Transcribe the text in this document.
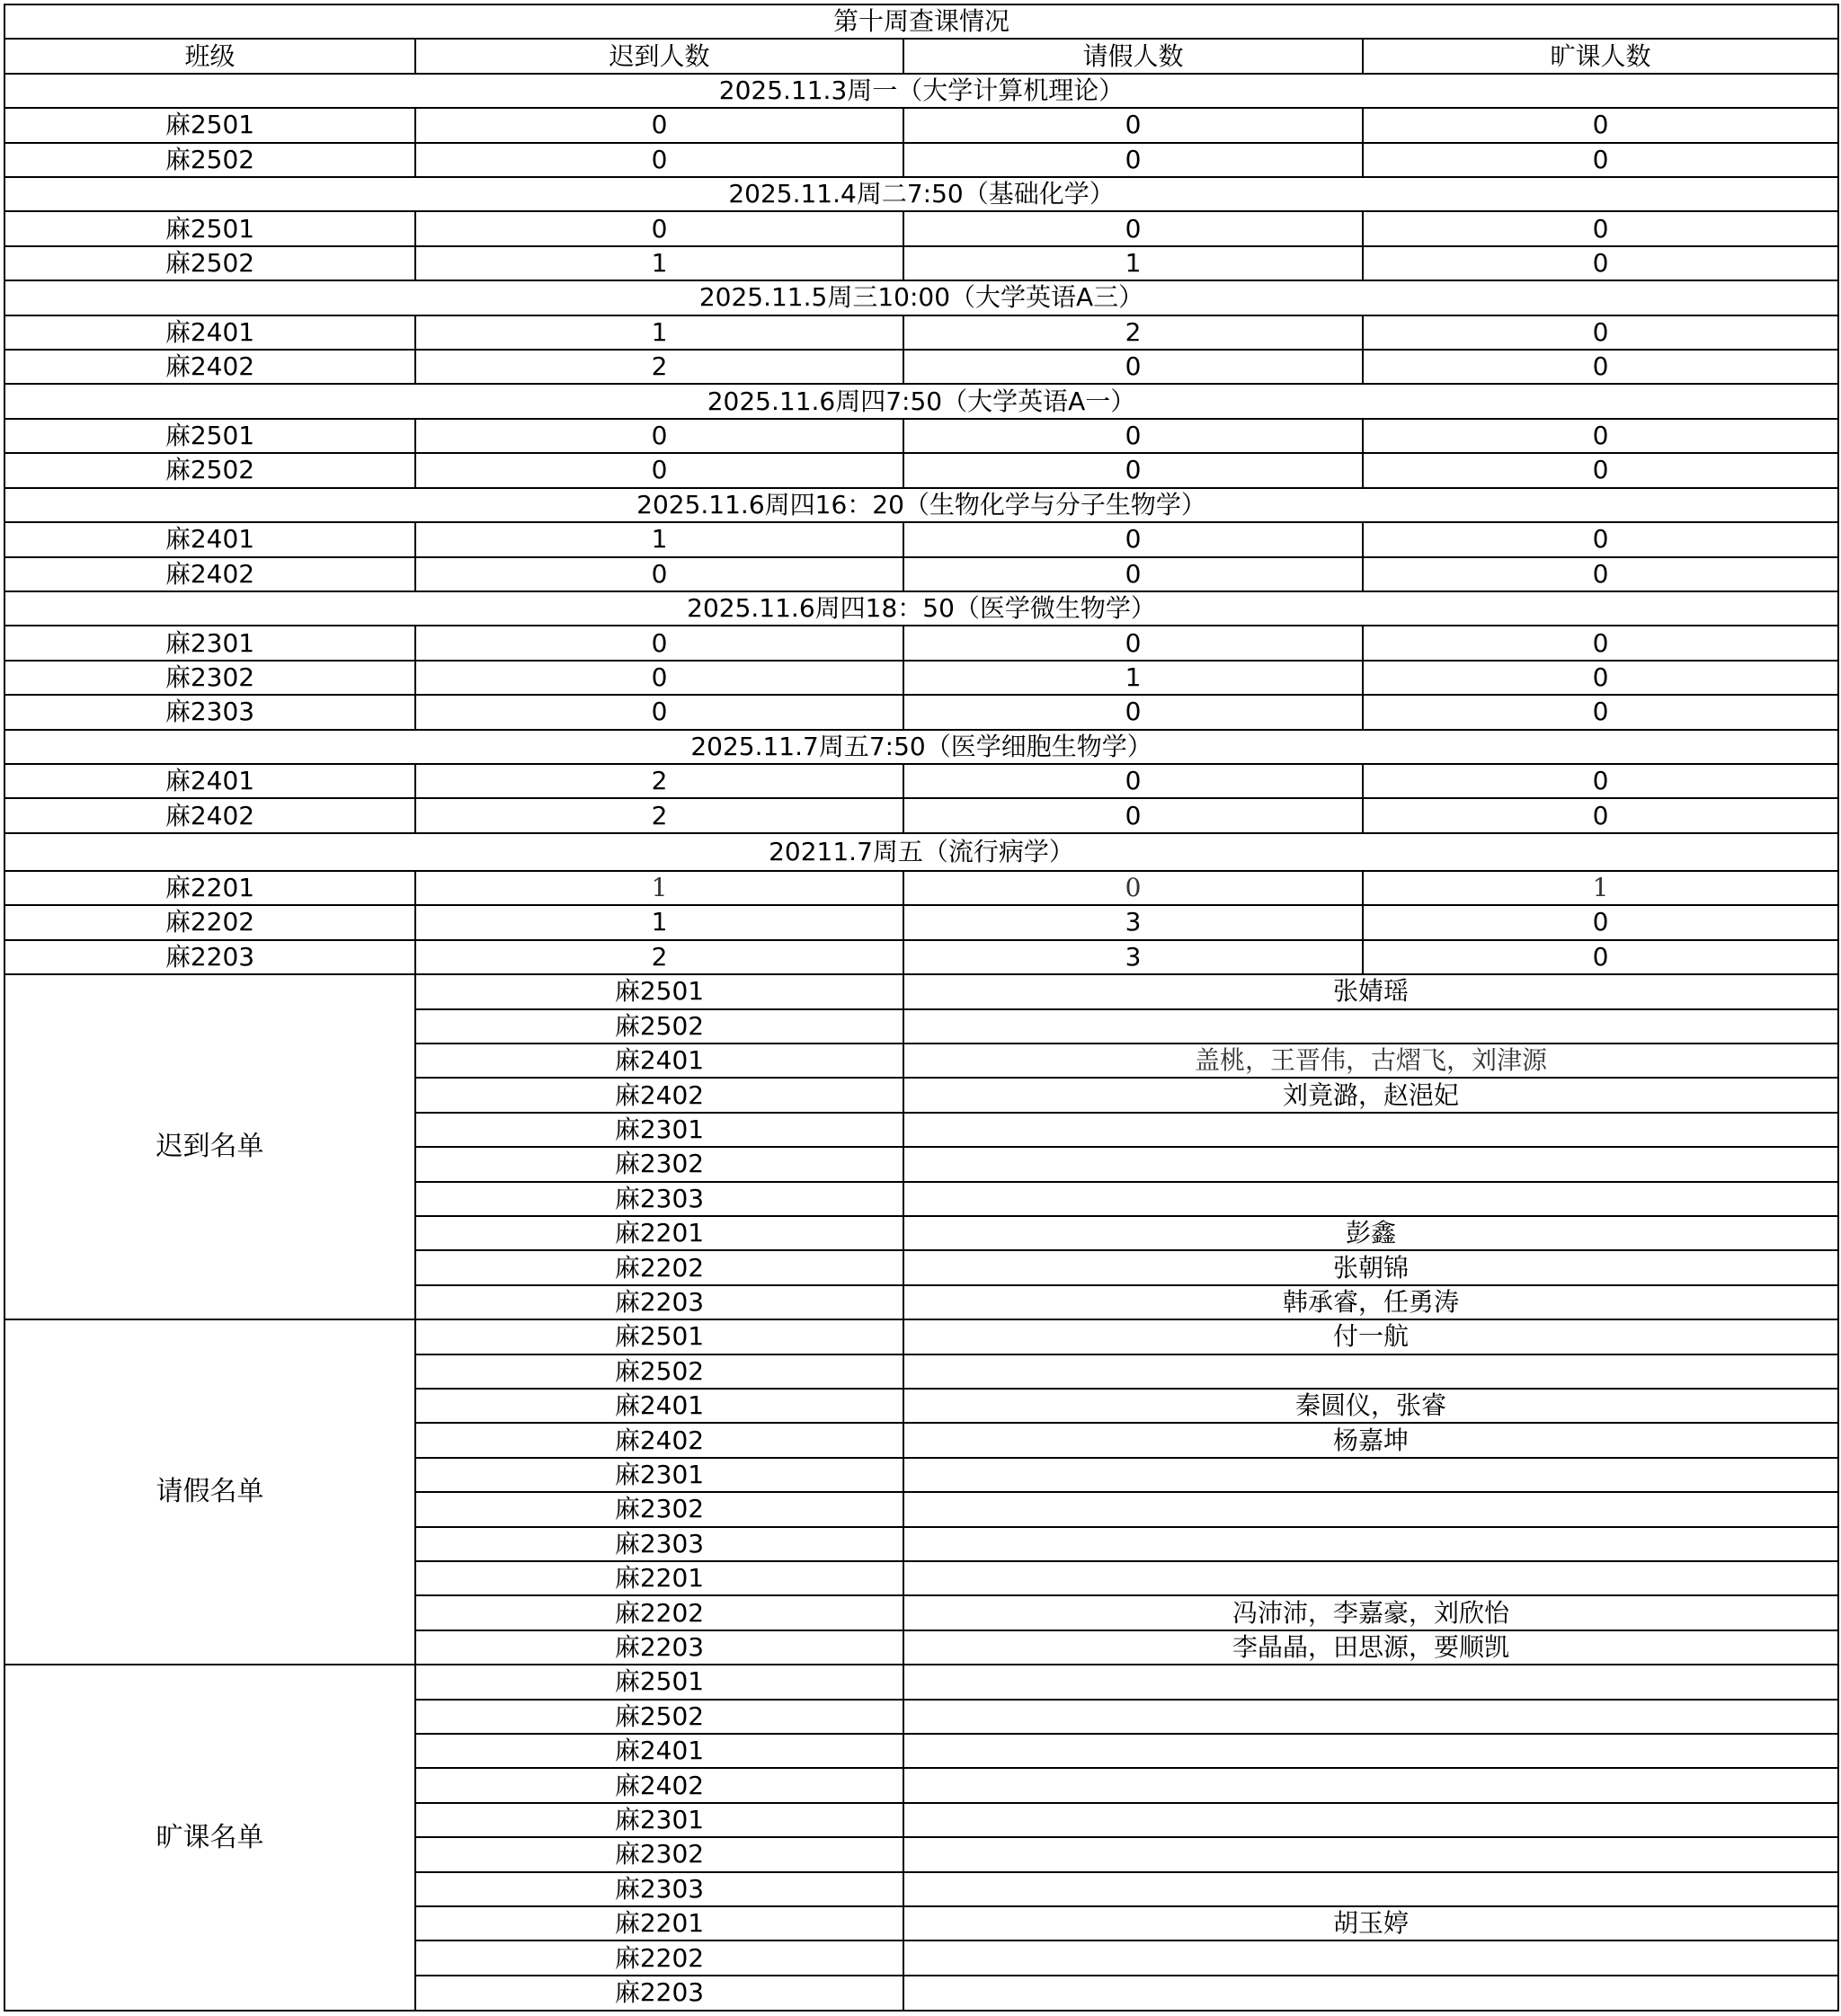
第十周查课情况			
班级	迟到人数	请假人数	旷课人数
2025.11.3周一（大学计算机理论）			
麻2501	0	0	0
麻2502	0	0	0
2025.11.4周二7:50（基础化学）			
麻2501	0	0	0
麻2502	1	1	0
2025.11.5周三10:00（大学英语A三）			
麻2401	1	2	0
麻2402	2	0	0
2025.11.6周四7:50（大学英语A一）			
麻2501	0	0	0
麻2502	0	0	0
2025.11.6周四16：20（生物化学与分子生物学）			
麻2401	1	0	0
麻2402	0	0	0
2025.11.6周四18：50（医学微生物学）			
麻2301	0	0	0
麻2302	0	1	0
麻2303	0	0	0
2025.11.7周五7:50（医学细胞生物学）			
麻2401	2	0	0
麻2402	2	0	0
20211.7周五（流行病学）			
麻2201	1	0	1
麻2202	1	3	0
麻2203	2	3	0
迟到名单	麻2501	张婧瑶	
	麻2502		
	麻2401	盖桃，王晋伟，古熠飞，刘津源	
	麻2402	刘竟潞，赵浥妃	
	麻2301		
	麻2302		
	麻2303		
	麻2201	彭鑫	
	麻2202	张朝锦	
	麻2203	韩承睿，任勇涛	
请假名单	麻2501	付一航	
	麻2502		
	麻2401	秦圆仪，张睿	
	麻2402	杨嘉坤	
	麻2301		
	麻2302		
	麻2303		
	麻2201		
	麻2202	冯沛沛，李嘉豪，刘欣怡	
	麻2203	李晶晶，田思源，要顺凯	
旷课名单	麻2501		
	麻2502		
	麻2401		
	麻2402		
	麻2301		
	麻2302		
	麻2303		
	麻2201	胡玉婷	
	麻2202		
	麻2203		
